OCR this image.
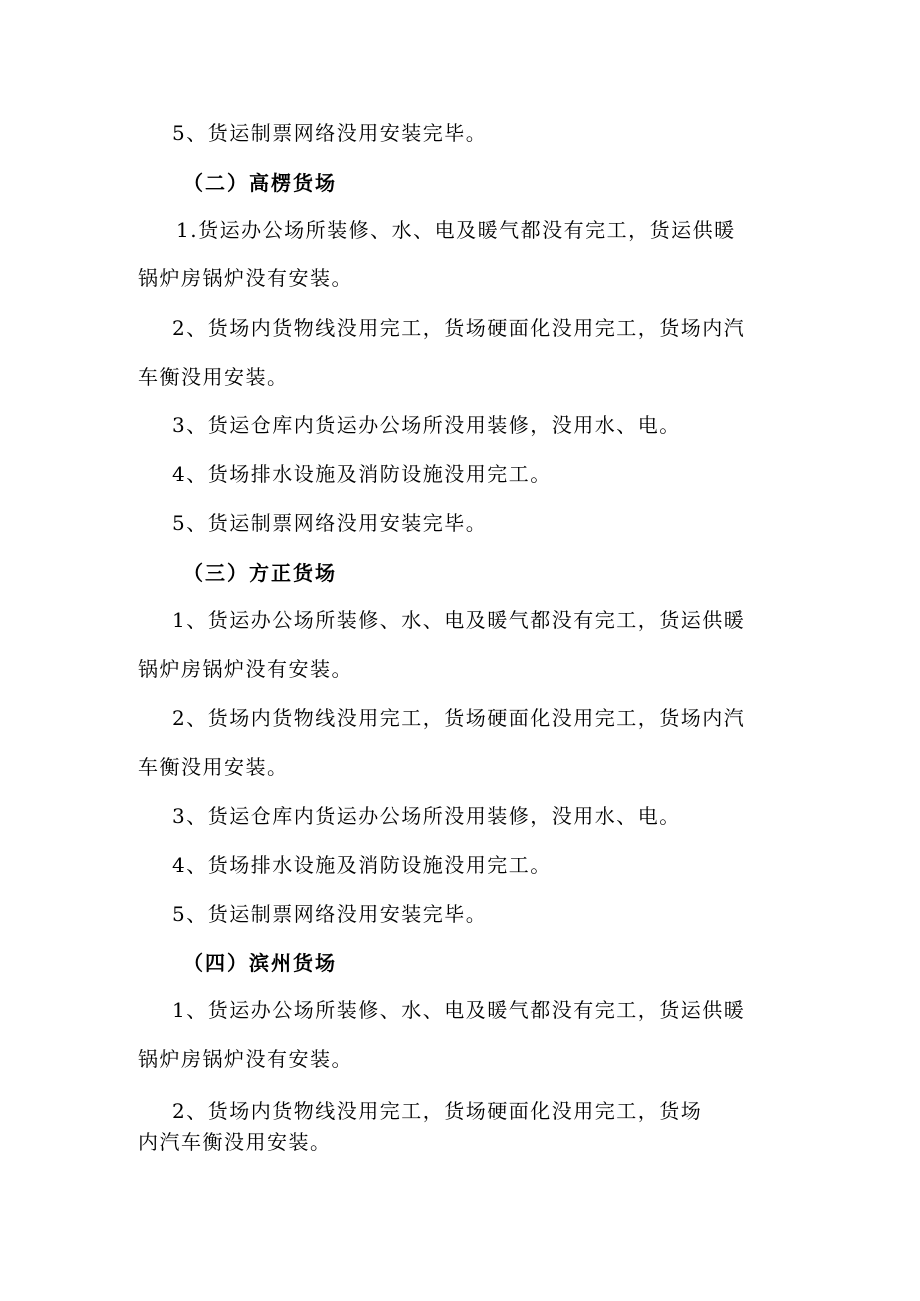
5、货运制票网络没用安装完毕。
（二）高楞货场
1.货运办公场所装修、水、电及暖气都没有完工，货运供暖
锅炉房锅炉没有安装。
2、货场内货物线没用完工，货场硬面化没用完工，货场内汽
车衡没用安装。
3、货运仓库内货运办公场所没用装修，没用水、电。
4、货场排水设施及消防设施没用完工。
5、货运制票网络没用安装完毕。
（三）方正货场
1、货运办公场所装修、水、电及暖气都没有完工，货运供暖
锅炉房锅炉没有安装。
2、货场内货物线没用完工，货场硬面化没用完工，货场内汽
车衡没用安装。
3、货运仓库内货运办公场所没用装修，没用水、电。
4、货场排水设施及消防设施没用完工。
5、货运制票网络没用安装完毕。
（四）滨州货场
1、货运办公场所装修、水、电及暖气都没有完工，货运供暖
锅炉房锅炉没有安装。
2、货场内货物线没用完工，货场硬面化没用完工，货场
内汽车衡没用安装。
